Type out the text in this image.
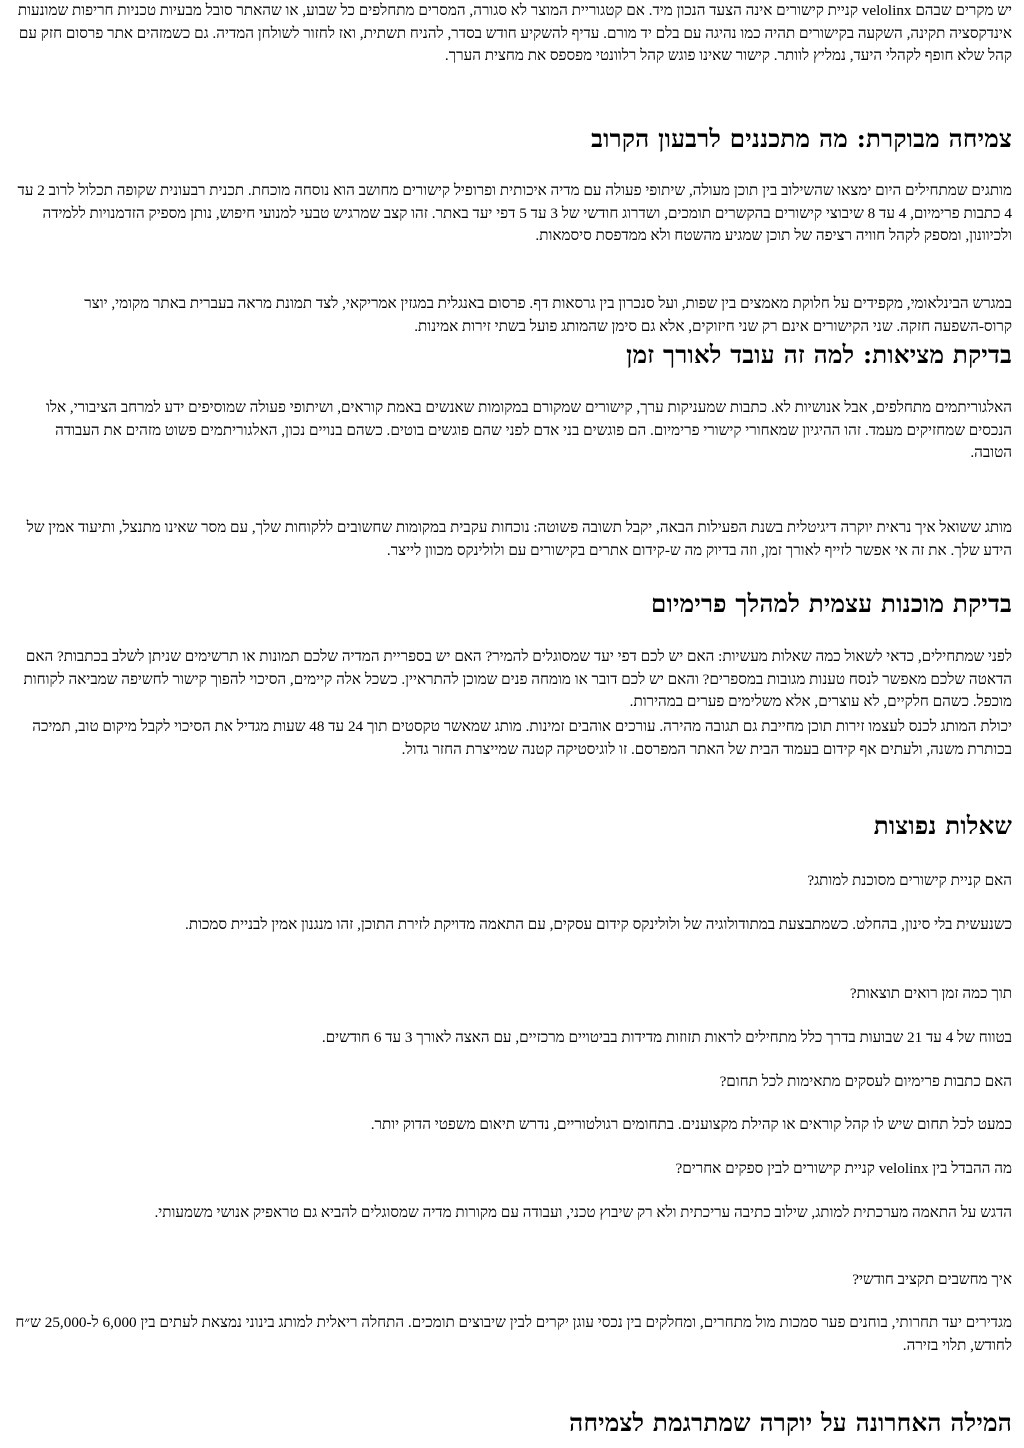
יש מקרים שבהם velolinx קניית קישורים אינה הצעד הנכון מיד. אם קטגוריית המוצר לא סגורה, המסרים מתחלפים כל שבוע, או שהאתר סובל מבעיות טכניות חריפות שמונעות אינדקסציה תקינה, השקעה בקישורים תהיה כמו נהיגה עם בלם יד מורם. עדיף להשקיע חודש בסדר, להניח תשתית, ואז לחזור לשולחן המדיה. גם כשמזהים אתר פרסום חזק עם קהל שלא חופף לקהלי היעד, נמליץ לוותר. קישור שאינו פוגש קהל רלוונטי מפספס את מחצית הערך.

צמיחה מבוקרת: מה מתכננים לרבעון הקרוב

מותגים שמתחילים היום ימצאו שהשילוב בין תוכן מעולה, שיתופי פעולה עם מדיה איכותית ופרופיל קישורים מחושב הוא נוסחה מוכחת. תכנית רבעונית שקופה תכלול לרוב 2 עד 4 כתבות פרימיום, 4 עד 8 שיבוצי קישורים בהקשרים תומכים, ושדרוג חודשי של 3 עד 5 דפי יעד באתר. זהו קצב שמרגיש טבעי למנועי חיפוש, נותן מספיק הזדמנויות ללמידה ולכיוונון, ומספק לקהל חוויה רציפה של תוכן שמגיע מהשטח ולא ממדפסת סיסמאות.

במגרש הבינלאומי, מקפידים על חלוקת מאמצים בין שפות, ועל סנכרון בין גרסאות דף. פרסום באנגלית במגזין אמריקאי, לצד תמונת מראה בעברית באתר מקומי, יוצר קרוס-השפעה חזקה. שני הקישורים אינם רק שני חיזוקים, אלא גם סימן שהמותג פועל בשתי זירות אמינות.

בדיקת מציאות: למה זה עובד לאורך זמן

האלגוריתמים מתחלפים, אבל אנושיות לא. כתבות שמעניקות ערך, קישורים שמקורם במקומות שאנשים באמת קוראים, ושיתופי פעולה שמוסיפים ידע למרחב הציבורי, אלו הנכסים שמחזיקים מעמד. זהו ההיגיון שמאחורי קישורי פרימיום. הם פוגשים בני אדם לפני שהם פוגשים בוטים. כשהם בנויים נכון, האלגוריתמים פשוט מזהים את העבודה הטובה.

מותג ששואל איך נראית יוקרה דיגיטלית בשנת הפעילות הבאה, יקבל תשובה פשוטה: נוכחות עקבית במקומות שחשובים ללקוחות שלך, עם מסר שאינו מתנצל, ותיעוד אמין של הידע שלך. את זה אי אפשר לזייף לאורך זמן, וזה בדיוק מה ש-קידום אתרים בקישורים עם ולולינקס מכוון לייצר.

בדיקת מוכנות עצמית למהלך פרימיום

לפני שמתחילים, כדאי לשאול כמה שאלות מעשיות: האם יש לכם דפי יעד שמסוגלים להמיר? האם יש בספריית המדיה שלכם תמונות או תרשימים שניתן לשלב בכתבות? האם הדאטה שלכם מאפשר לנסח טענות מגובות במספרים? והאם יש לכם דובר או מומחה פנים שמוכן להתראיין. כשכל אלה קיימים, הסיכוי להפוך קישור לחשיפה שמביאה לקוחות מוכפל. כשהם חלקיים, לא עוצרים, אלא משלימים פערים במהירות.

יכולת המותג לכנס לעצמו זירות תוכן מחייבת גם תגובה מהירה. עורכים אוהבים זמינות. מותג שמאשר טקסטים תוך 24 עד 48 שעות מגדיל את הסיכוי לקבל מיקום טוב, תמיכה בכותרת משנה, ולעתים אף קידום בעמוד הבית של האתר המפרסם. זו לוגיסטיקה קטנה שמייצרת החזר גדול.

שאלות נפוצות

האם קניית קישורים מסוכנת למותג?

כשנעשית בלי סינון, בהחלט. כשמתבצעת במתודולוגיה של ולולינקס קידום עסקים, עם התאמה מדויקת לזירת התוכן, זהו מנגנון אמין לבניית סמכות.

תוך כמה זמן רואים תוצאות?

בטווח של 4 עד 21 שבועות בדרך כלל מתחילים לראות תזוזות מדידות בביטויים מרכזיים, עם האצה לאורך 3 עד 6 חודשים.

האם כתבות פרימיום לעסקים מתאימות לכל תחום?

כמעט לכל תחום שיש לו קהל קוראים או קהילת מקצוענים. בתחומים רגולטוריים, נדרש תיאום משפטי הדוק יותר.

מה ההבדל בין velolinx קניית קישורים לבין ספקים אחרים?

הדגש על התאמה מערכתית למותג, שילוב כתיבה עריכתית ולא רק שיבוץ טכני, ועבודה עם מקורות מדיה שמסוגלים להביא גם טראפיק אנושי משמעותי.

איך מחשבים תקציב חודשי?

מגדירים יעד תחרותי, בוחנים פער סמכות מול מתחרים, ומחלקים בין נכסי עוגן יקרים לבין שיבוצים תומכים. התחלה ריאלית למותג בינוני נמצאת לעתים בין 6,000 ל-25,000 ש״ח לחודש, תלוי בזירה.

המילה האחרונה על יוקרה שמתרגמת לצמיחה
